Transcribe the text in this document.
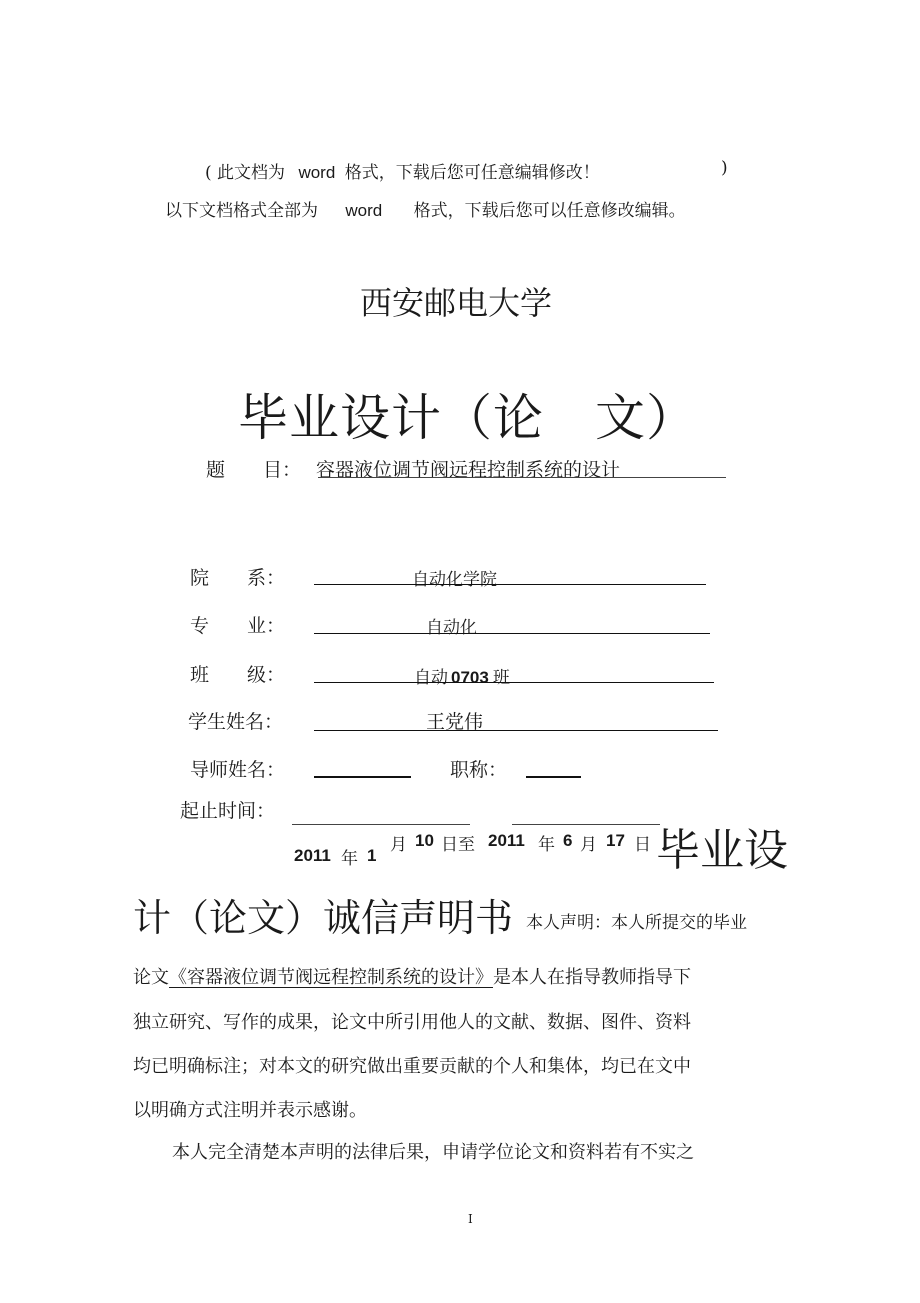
( 此文档为 word 格式，下载后您可任意编辑修改！	)
以下文档格式全部为 word 格式，下载后您可以任意修改编辑。
西安邮电大学
毕业设计（论　文）
题　　目： 容器液位调节阀远程控制系统的设计
院　　系：	自动化学院
专　　业：	自动化
班　　级：	自动 0703 班
学生姓名：	王党伟
导师姓名：	职称：
起止时间：
2011 年 1
月 10 日至 2011 年 6 月 17 日 毕业设
计（论文）诚信声明书 本人声明：本人所提交的毕业
论文《容器液位调节阀远程控制系统的设计》是本人在指导教师指导下
独立研究、写作的成果，论文中所引用他人的文献、数据、图件、资料
均已明确标注；对本文的研究做出重要贡献的个人和集体，均已在文中
以明确方式注明并表示感谢。
本人完全清楚本声明的法律后果，申请学位论文和资料若有不实之
I
